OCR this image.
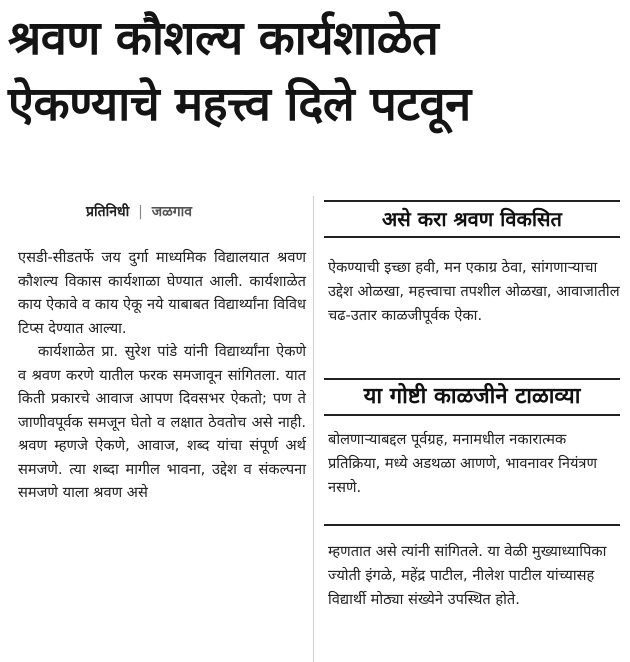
श्रवण कौशल्य कार्यशाळेत
ऐकण्याचे महत्त्व दिले पटवून
प्रतिनिधी | जळगाव

एसडी-सीडतर्फे जय दुर्गा माध्यमिक विद्यालयात श्रवण कौशल्य विकास कार्यशाळा घेण्यात आली. कार्यशाळेत काय ऐकावे व काय ऐकू नये याबाबत विद्यार्थ्यांना विविध टिप्स देण्यात आल्या.

कार्यशाळेत प्रा. सुरेश पांडे यांनी विद्यार्थ्यांना ऐकणे व श्रवण करणे यातील फरक समजावून सांगितला. यात किती प्रकारचे आवाज आपण दिवसभर ऐकतो; पण ते जाणीवपूर्वक समजून घेतो व लक्षात ठेवतोच असे नाही. श्रवण म्हणजे ऐकणे, आवाज, शब्द यांचा संपूर्ण अर्थ समजणे. त्या शब्दा मागील भावना, उद्देश व संकल्पना समजणे याला श्रवण असे

असे करा श्रवण विकसित
ऐकण्याची इच्छा हवी, मन एकाग्र ठेवा, सांगणाऱ्याचा उद्देश ओळखा, महत्त्वाचा तपशील ओळखा, आवाजातील चढ-उतार काळजीपूर्वक ऐका.
या गोष्टी काळजीने टाळाव्या
बोलणाऱ्याबद्दल पूर्वग्रह, मनामधील नकारात्मक प्रतिक्रिया, मध्ये अडथळा आणणे, भावनावर नियंत्रण नसणे.
म्हणतात असे त्यांनी सांगितले. या वेळी मुख्याध्यापिका ज्योती इंगळे, महेंद्र पाटील, नीलेश पाटील यांच्यासह विद्यार्थी मोठ्या संख्येने उपस्थित होते.
